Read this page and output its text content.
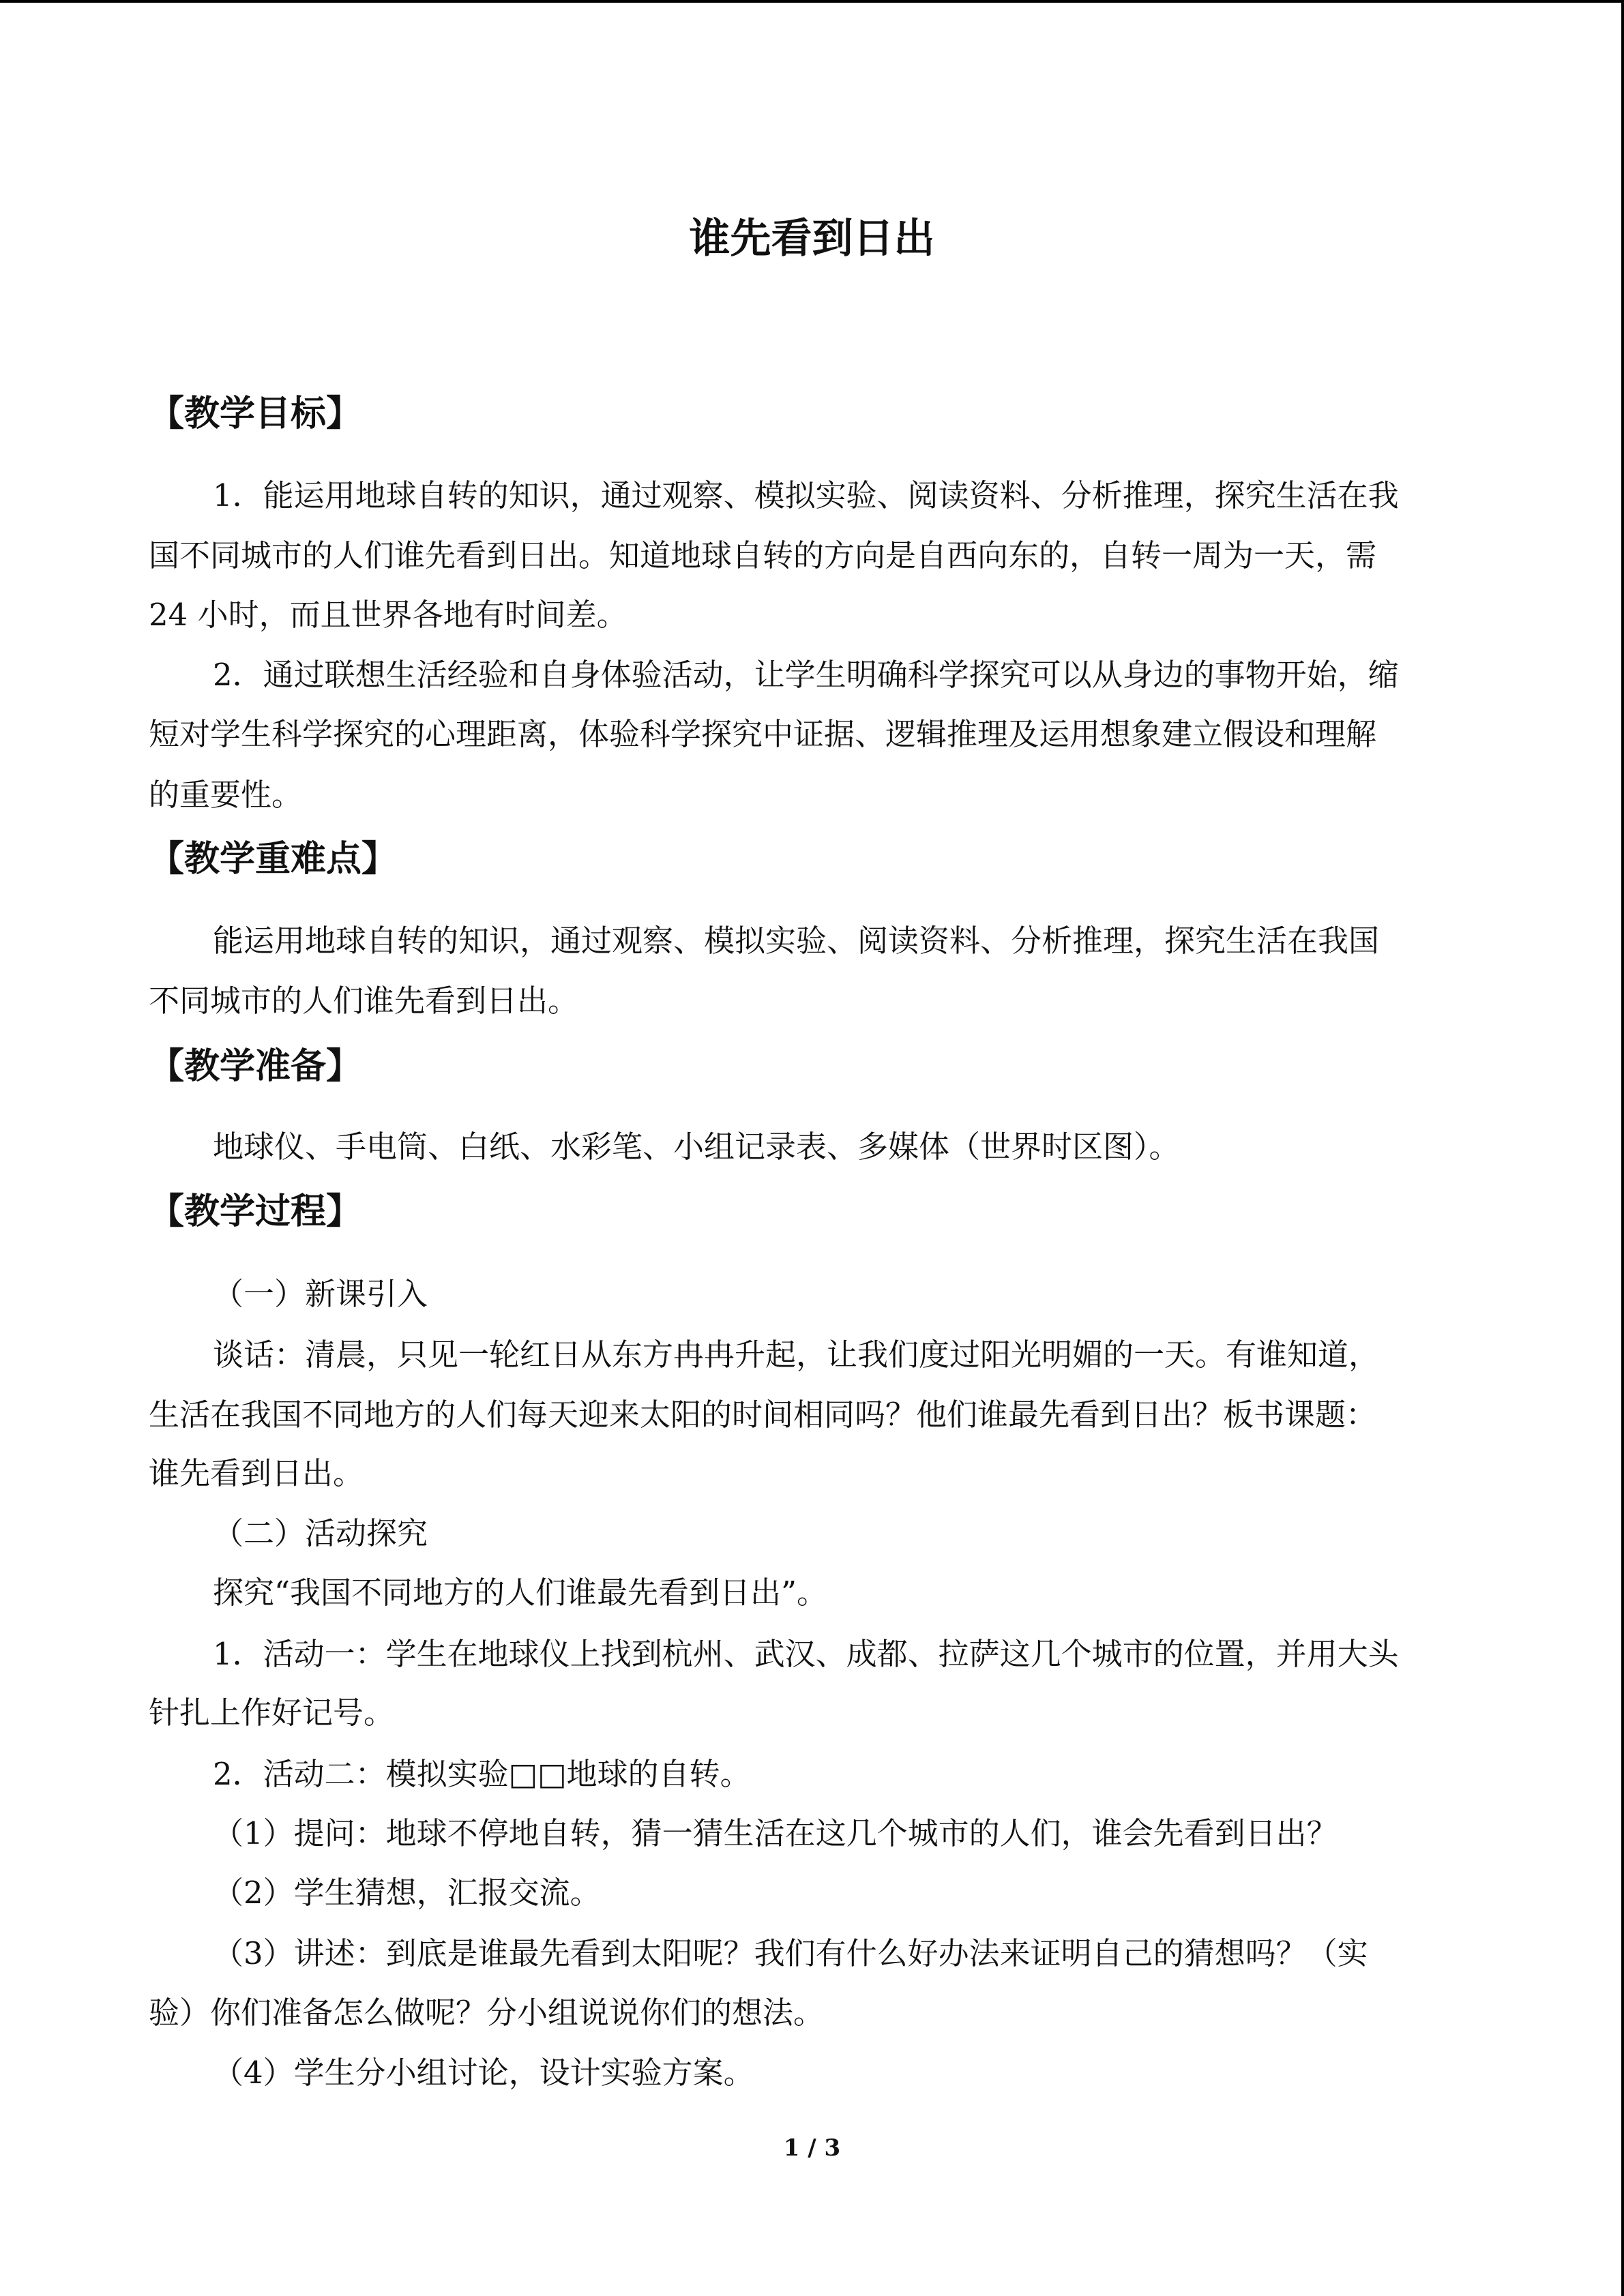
谁先看到日出
【教学目标】
1．能运用地球自转的知识，通过观察、模拟实验、阅读资料、分析推理，探究生活在我
国不同城市的人们谁先看到日出。知道地球自转的方向是自西向东的，自转一周为一天，需
24 小时，而且世界各地有时间差。
2．通过联想生活经验和自身体验活动，让学生明确科学探究可以从身边的事物开始，缩
短对学生科学探究的心理距离，体验科学探究中证据、逻辑推理及运用想象建立假设和理解
的重要性。
【教学重难点】
能运用地球自转的知识，通过观察、模拟实验、阅读资料、分析推理，探究生活在我国
不同城市的人们谁先看到日出。
【教学准备】
地球仪、手电筒、白纸、水彩笔、小组记录表、多媒体（世界时区图）。
【教学过程】
（一）新课引入
谈话：清晨，只见一轮红日从东方冉冉升起，让我们度过阳光明媚的一天。有谁知道，
生活在我国不同地方的人们每天迎来太阳的时间相同吗？他们谁最先看到日出？板书课题：
谁先看到日出。
（二）活动探究
探究“我国不同地方的人们谁最先看到日出”。
1．活动一：学生在地球仪上找到杭州、武汉、成都、拉萨这几个城市的位置，并用大头
针扎上作好记号。
2．活动二：模拟实验□□地球的自转。
（1）提问：地球不停地自转，猜一猜生活在这几个城市的人们，谁会先看到日出？
（2）学生猜想，汇报交流。
（3）讲述：到底是谁最先看到太阳呢？我们有什么好办法来证明自己的猜想吗？（实
验）你们准备怎么做呢？分小组说说你们的想法。
（4）学生分小组讨论，设计实验方案。
1 / 3
